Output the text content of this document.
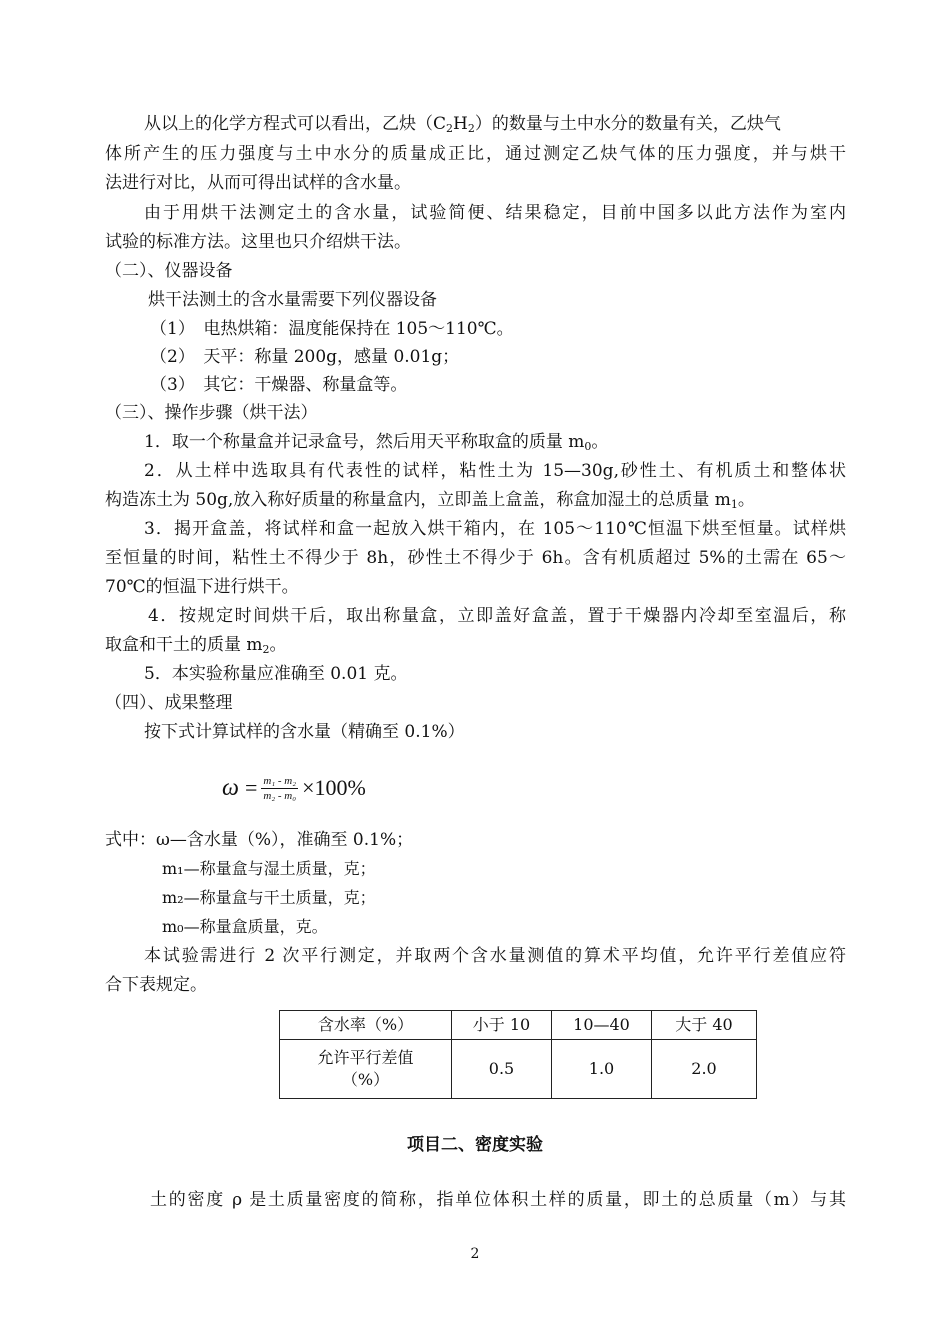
从以上的化学方程式可以看出，乙炔$(C_2H_2)$的数量与土中水分的数量有关，乙炔气
体所产生的压力强度与土中水分的质量成正比，通过测定乙炔气体的压力强度，并与烘干
法进行对比，从而可得出试样的含水量。
由于用烘干法测定土的含水量，试验简便、结果稳定，目前中国多以此方法作为室内
试验的标准方法。这里也只介绍烘干法。
（二）、仪器设备
烘干法测土的含水量需要下列仪器设备
（1）　电热烘箱：温度能保持在 105～110℃。
（2）　天平：称量 200g，感量 0.01g；
（3）　其它：干燥器、称量盒等。
（三）、操作步骤（烘干法）
1．取一个称量盒并记录盒号，然后用天平称取盒的质量 $m_0$。
2．从土样中选取具有代表性的试样，粘性土为 15—30g,砂性土、有机质土和整体状
构造冻土为 50g,放入称好质量的称量盒内，立即盖上盒盖，称盒加湿土的总质量 $m_1$。
3．揭开盒盖，将试样和盒一起放入烘干箱内，在 105～110℃恒温下烘至恒量。试样烘
至恒量的时间，粘性土不得少于 8h，砂性土不得少于 6h。含有机质超过 5%的土需在 65～
70℃的恒温下进行烘干。
4．按规定时间烘干后，取出称量盒，立即盖好盒盖，置于干燥器内冷却至室温后，称
取盒和干土的质量 $m_2$。
5．本实验称量应准确至 0.01 克。
（四）、成果整理
按下式计算试样的含水量（精确至 0.1%）
$\omega = \frac{\text{m₁ - m₂}}{\text{m₂ - m₀}} \times 100\%$
式中：ω—含水量（%），准确至 0.1%；
m₁—称量盒与湿土质量，克；
m₂—称量盒与干土质量，克；
m₀—称量盒质量，克。
本试验需进行 2 次平行测定，并取两个含水量测值的算术平均值，允许平行差值应符
合下表规定。
含水率（%）	小于 10	10—40	大于 40

允许平行差值
（%）	0.5	1.0	2.0
项目二、密度实验
土的密度 ρ 是土质量密度的简称，指单位体积土样的质量，即土的总质量（m）与其
2
